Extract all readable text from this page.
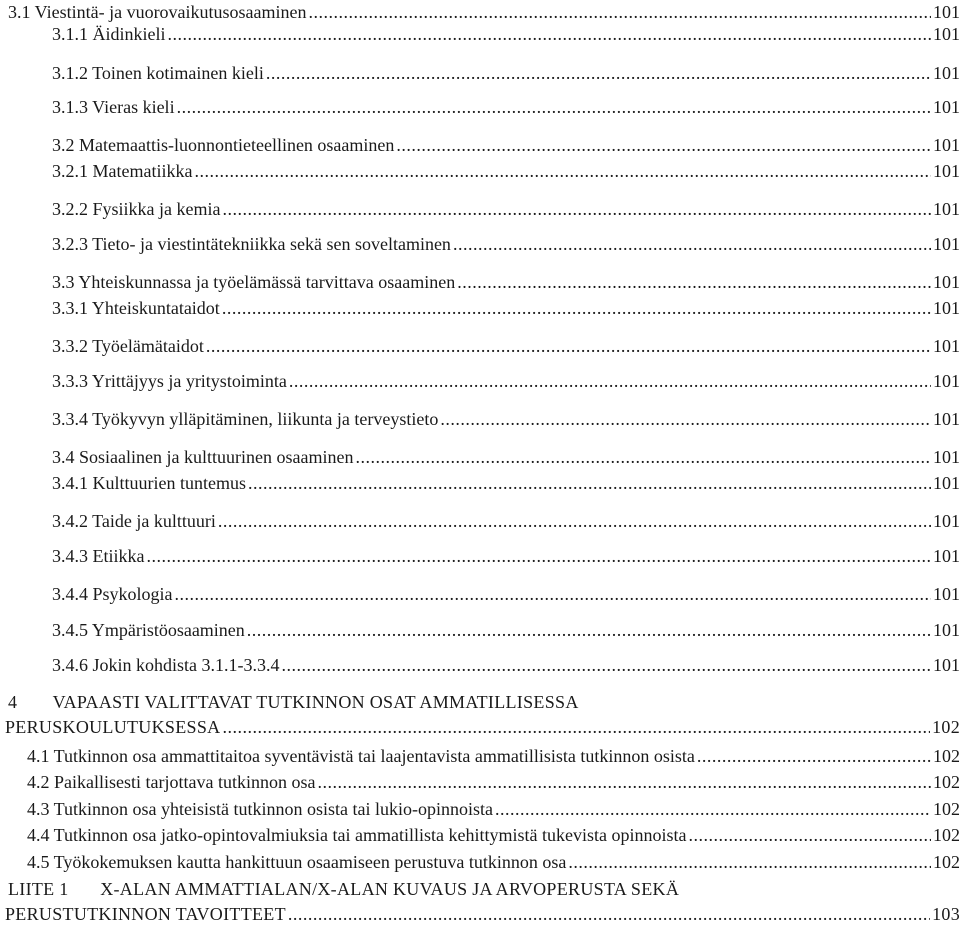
3.1 Viestintä- ja vuorovaikutusosaaminen .....	101
3.1.1 Äidinkieli .....	101
3.1.2 Toinen kotimainen kieli .....	101
3.1.3 Vieras kieli .....	101
3.2 Matemaattis-luonnontieteellinen osaaminen .....	101
3.2.1 Matematiikka .....	101
3.2.2 Fysiikka ja kemia .....	101
3.2.3 Tieto- ja viestintätekniikka sekä sen soveltaminen .....	101
3.3 Yhteiskunnassa ja työelämässä tarvittava osaaminen .....	101
3.3.1 Yhteiskuntataidot .....	101
3.3.2 Työelämätaidot .....	101
3.3.3 Yrittäjyys ja yritystoiminta .....	101
3.3.4 Työkyvyn ylläpitäminen, liikunta ja terveystieto .....	101
3.4 Sosiaalinen ja kulttuurinen osaaminen .....	101
3.4.1 Kulttuurien tuntemus .....	101
3.4.2 Taide ja kulttuuri .....	101
3.4.3 Etiikka .....	101
3.4.4 Psykologia .....	101
3.4.5 Ympäristöosaaminen .....	101
3.4.6 Jokin kohdista 3.1.1-3.3.4 .....	101
4 VAPAASTI VALITTAVAT TUTKINNON OSAT AMMATILLISESSA
PERUSKOULUTUKSESSA .....	102
4.1 Tutkinnon osa ammattitaitoa syventävistä tai laajentavista ammatillisista tutkinnon osista .....	102
4.2 Paikallisesti tarjottava tutkinnon osa .....	102
4.3 Tutkinnon osa yhteisistä tutkinnon osista tai lukio-opinnoista .....	102
4.4 Tutkinnon osa jatko-opintovalmiuksia tai ammatillista kehittymistä tukevista opinnoista .....	102
4.5 Työkokemuksen kautta hankittuun osaamiseen perustuva tutkinnon osa .....	102
LIITE 1 X-ALAN AMMATTIALAN/X-ALAN KUVAUS JA ARVOPERUSTA SEKÄ
PERUSTUTKINNON TAVOITTEET .....	103
